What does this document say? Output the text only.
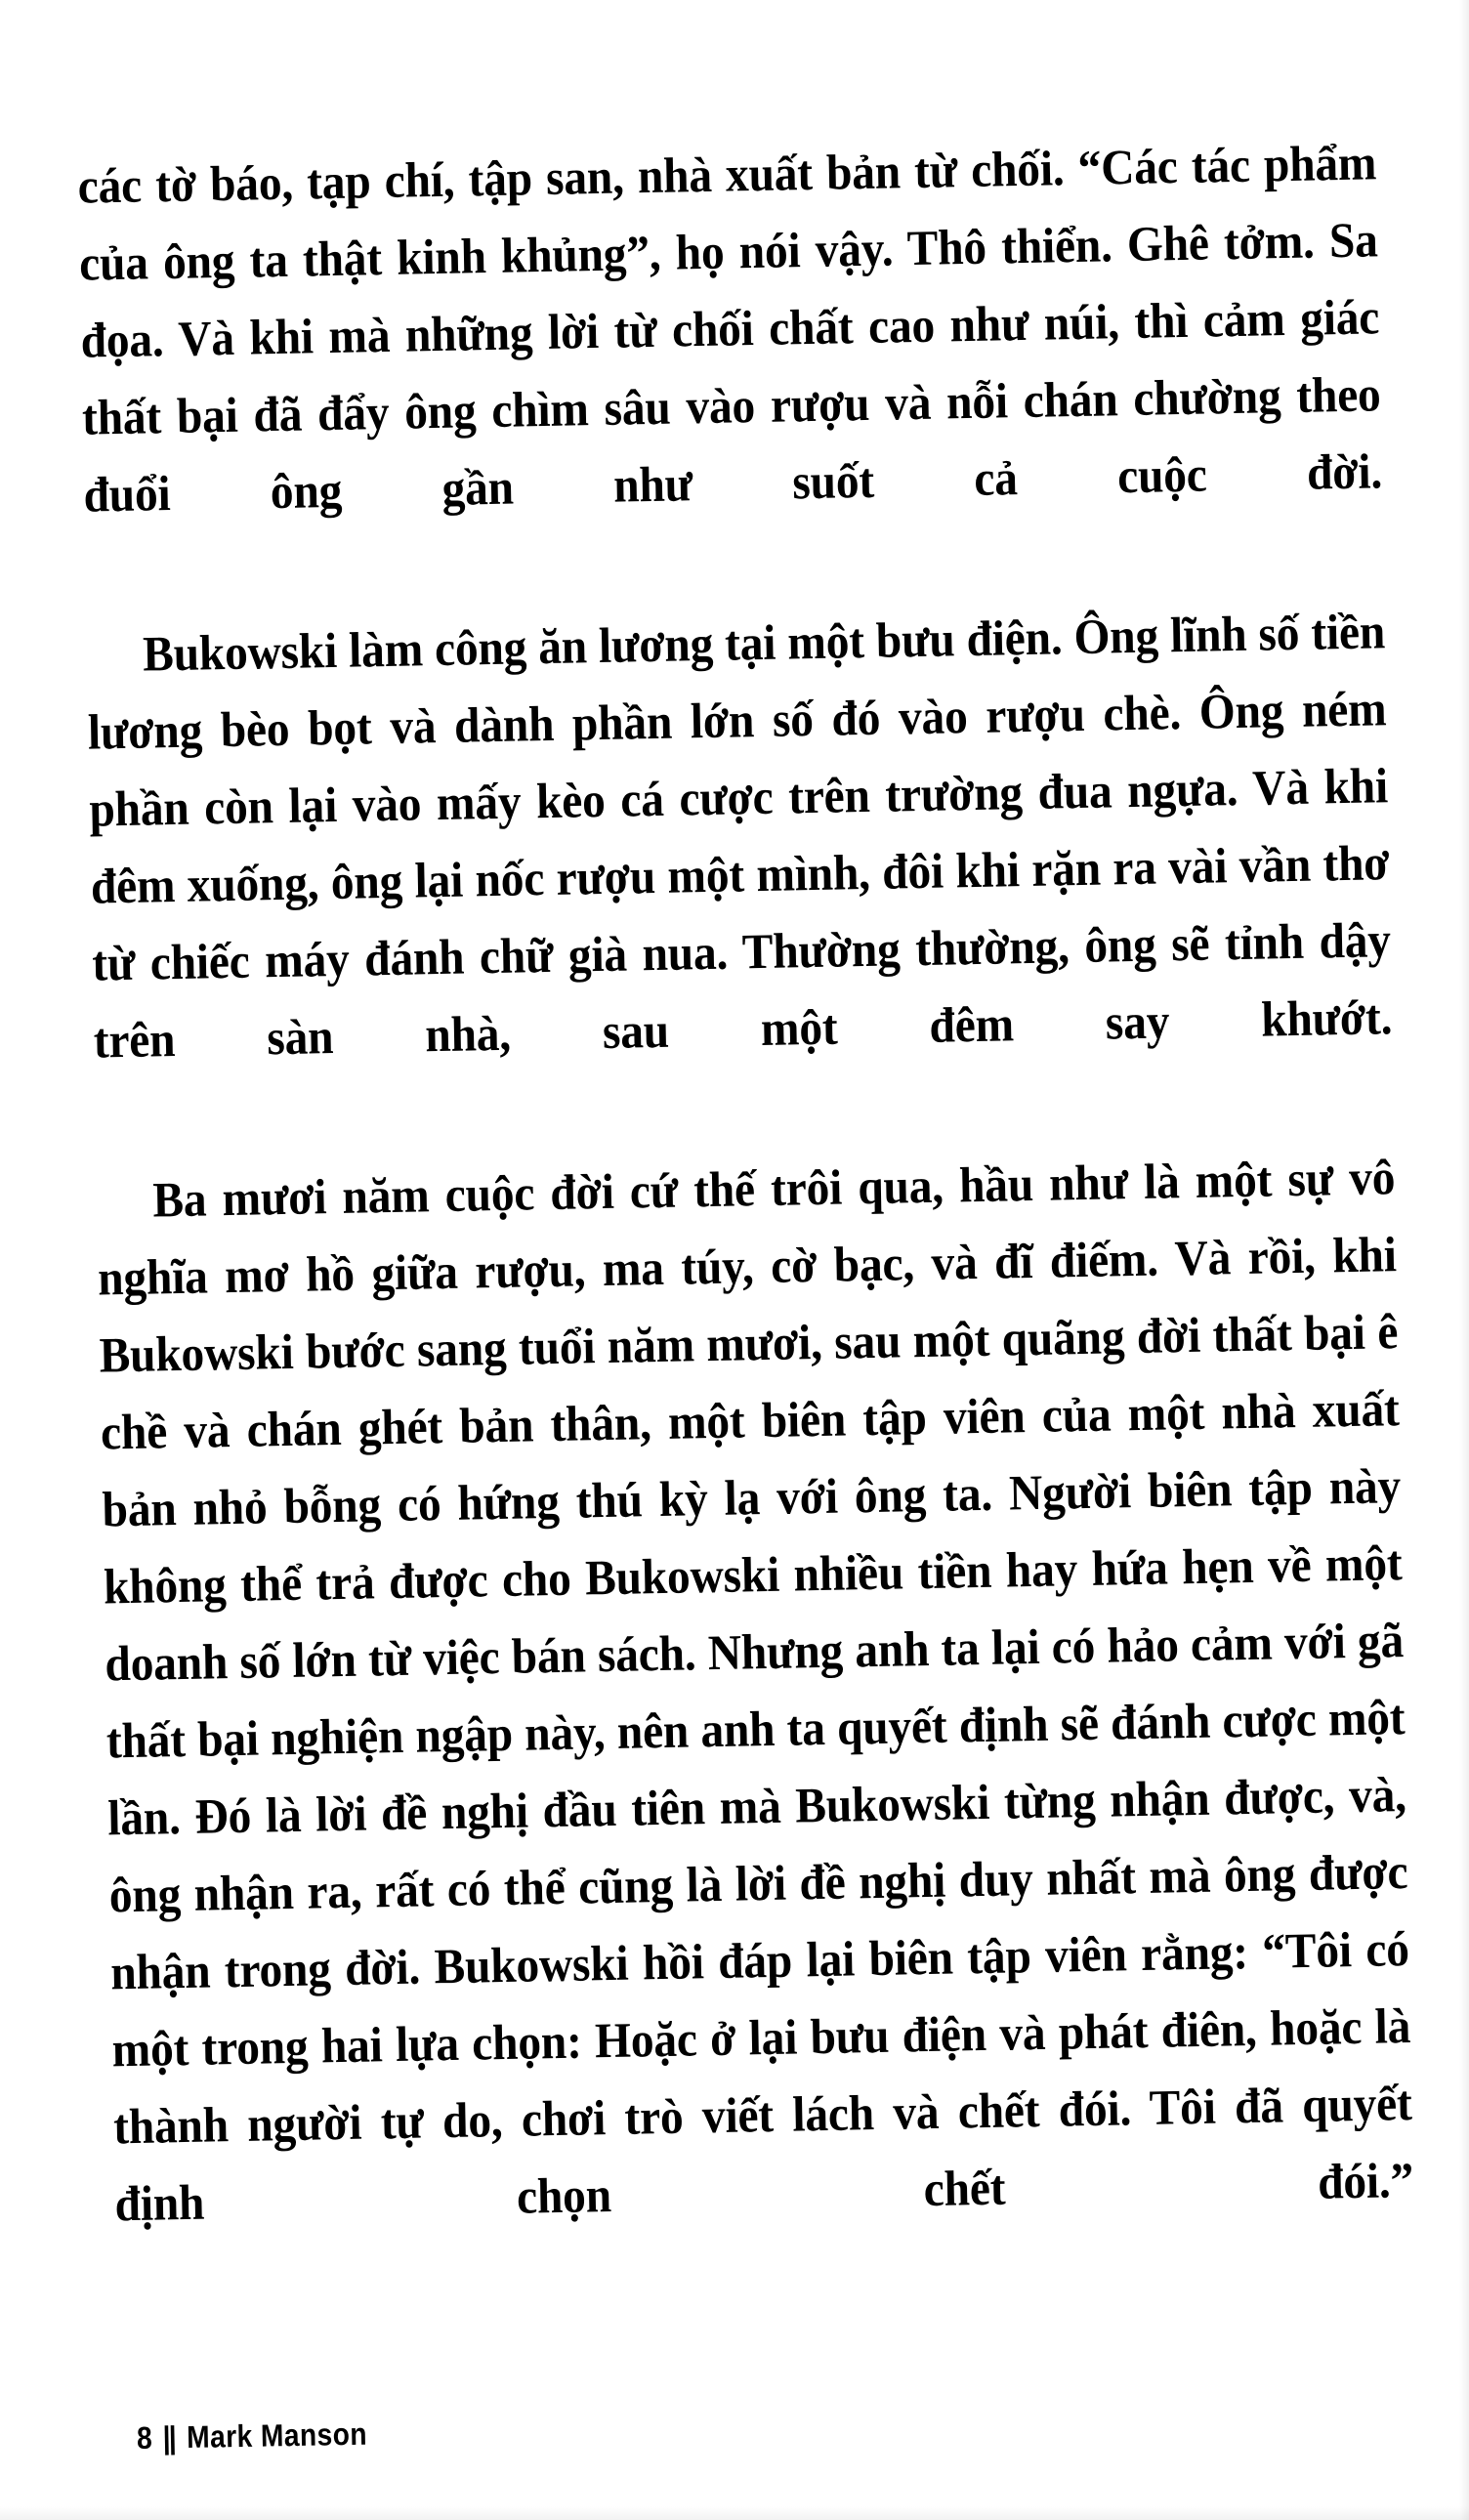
các tờ báo, tạp chí, tập san, nhà xuất bản từ chối. “Các tác phẩm của ông ta thật kinh khủng”, họ nói vậy. Thô thiển. Ghê tởm. Sa đọa. Và khi mà những lời từ chối chất cao như núi, thì cảm giác thất bại đã đẩy ông chìm sâu vào rượu và nỗi chán chường theo đuổi ông gần như suốt cả cuộc đời.

Bukowski làm công ăn lương tại một bưu điện. Ông lĩnh số tiền lương bèo bọt và dành phần lớn số đó vào rượu chè. Ông ném phần còn lại vào mấy kèo cá cược trên trường đua ngựa. Và khi đêm xuống, ông lại nốc rượu một mình, đôi khi rặn ra vài vần thơ từ chiếc máy đánh chữ già nua. Thường thường, ông sẽ tỉnh dậy trên sàn nhà, sau một đêm say khướt.

Ba mươi năm cuộc đời cứ thế trôi qua, hầu như là một sự vô nghĩa mơ hồ giữa rượu, ma túy, cờ bạc, và đĩ điếm. Và rồi, khi Bukowski bước sang tuổi năm mươi, sau một quãng đời thất bại ê chề và chán ghét bản thân, một biên tập viên của một nhà xuất bản nhỏ bỗng có hứng thú kỳ lạ với ông ta. Người biên tập này không thể trả được cho Bukowski nhiều tiền hay hứa hẹn về một doanh số lớn từ việc bán sách. Nhưng anh ta lại có hảo cảm với gã thất bại nghiện ngập này, nên anh ta quyết định sẽ đánh cược một lần. Đó là lời đề nghị đầu tiên mà Bukowski từng nhận được, và, ông nhận ra, rất có thể cũng là lời đề nghị duy nhất mà ông được nhận trong đời. Bukowski hồi đáp lại biên tập viên rằng: “Tôi có một trong hai lựa chọn: Hoặc ở lại bưu điện và phát điên, hoặc là thành người tự do, chơi trò viết lách và chết đói. Tôi đã quyết định chọn chết đói.”

8 || Mark Manson
